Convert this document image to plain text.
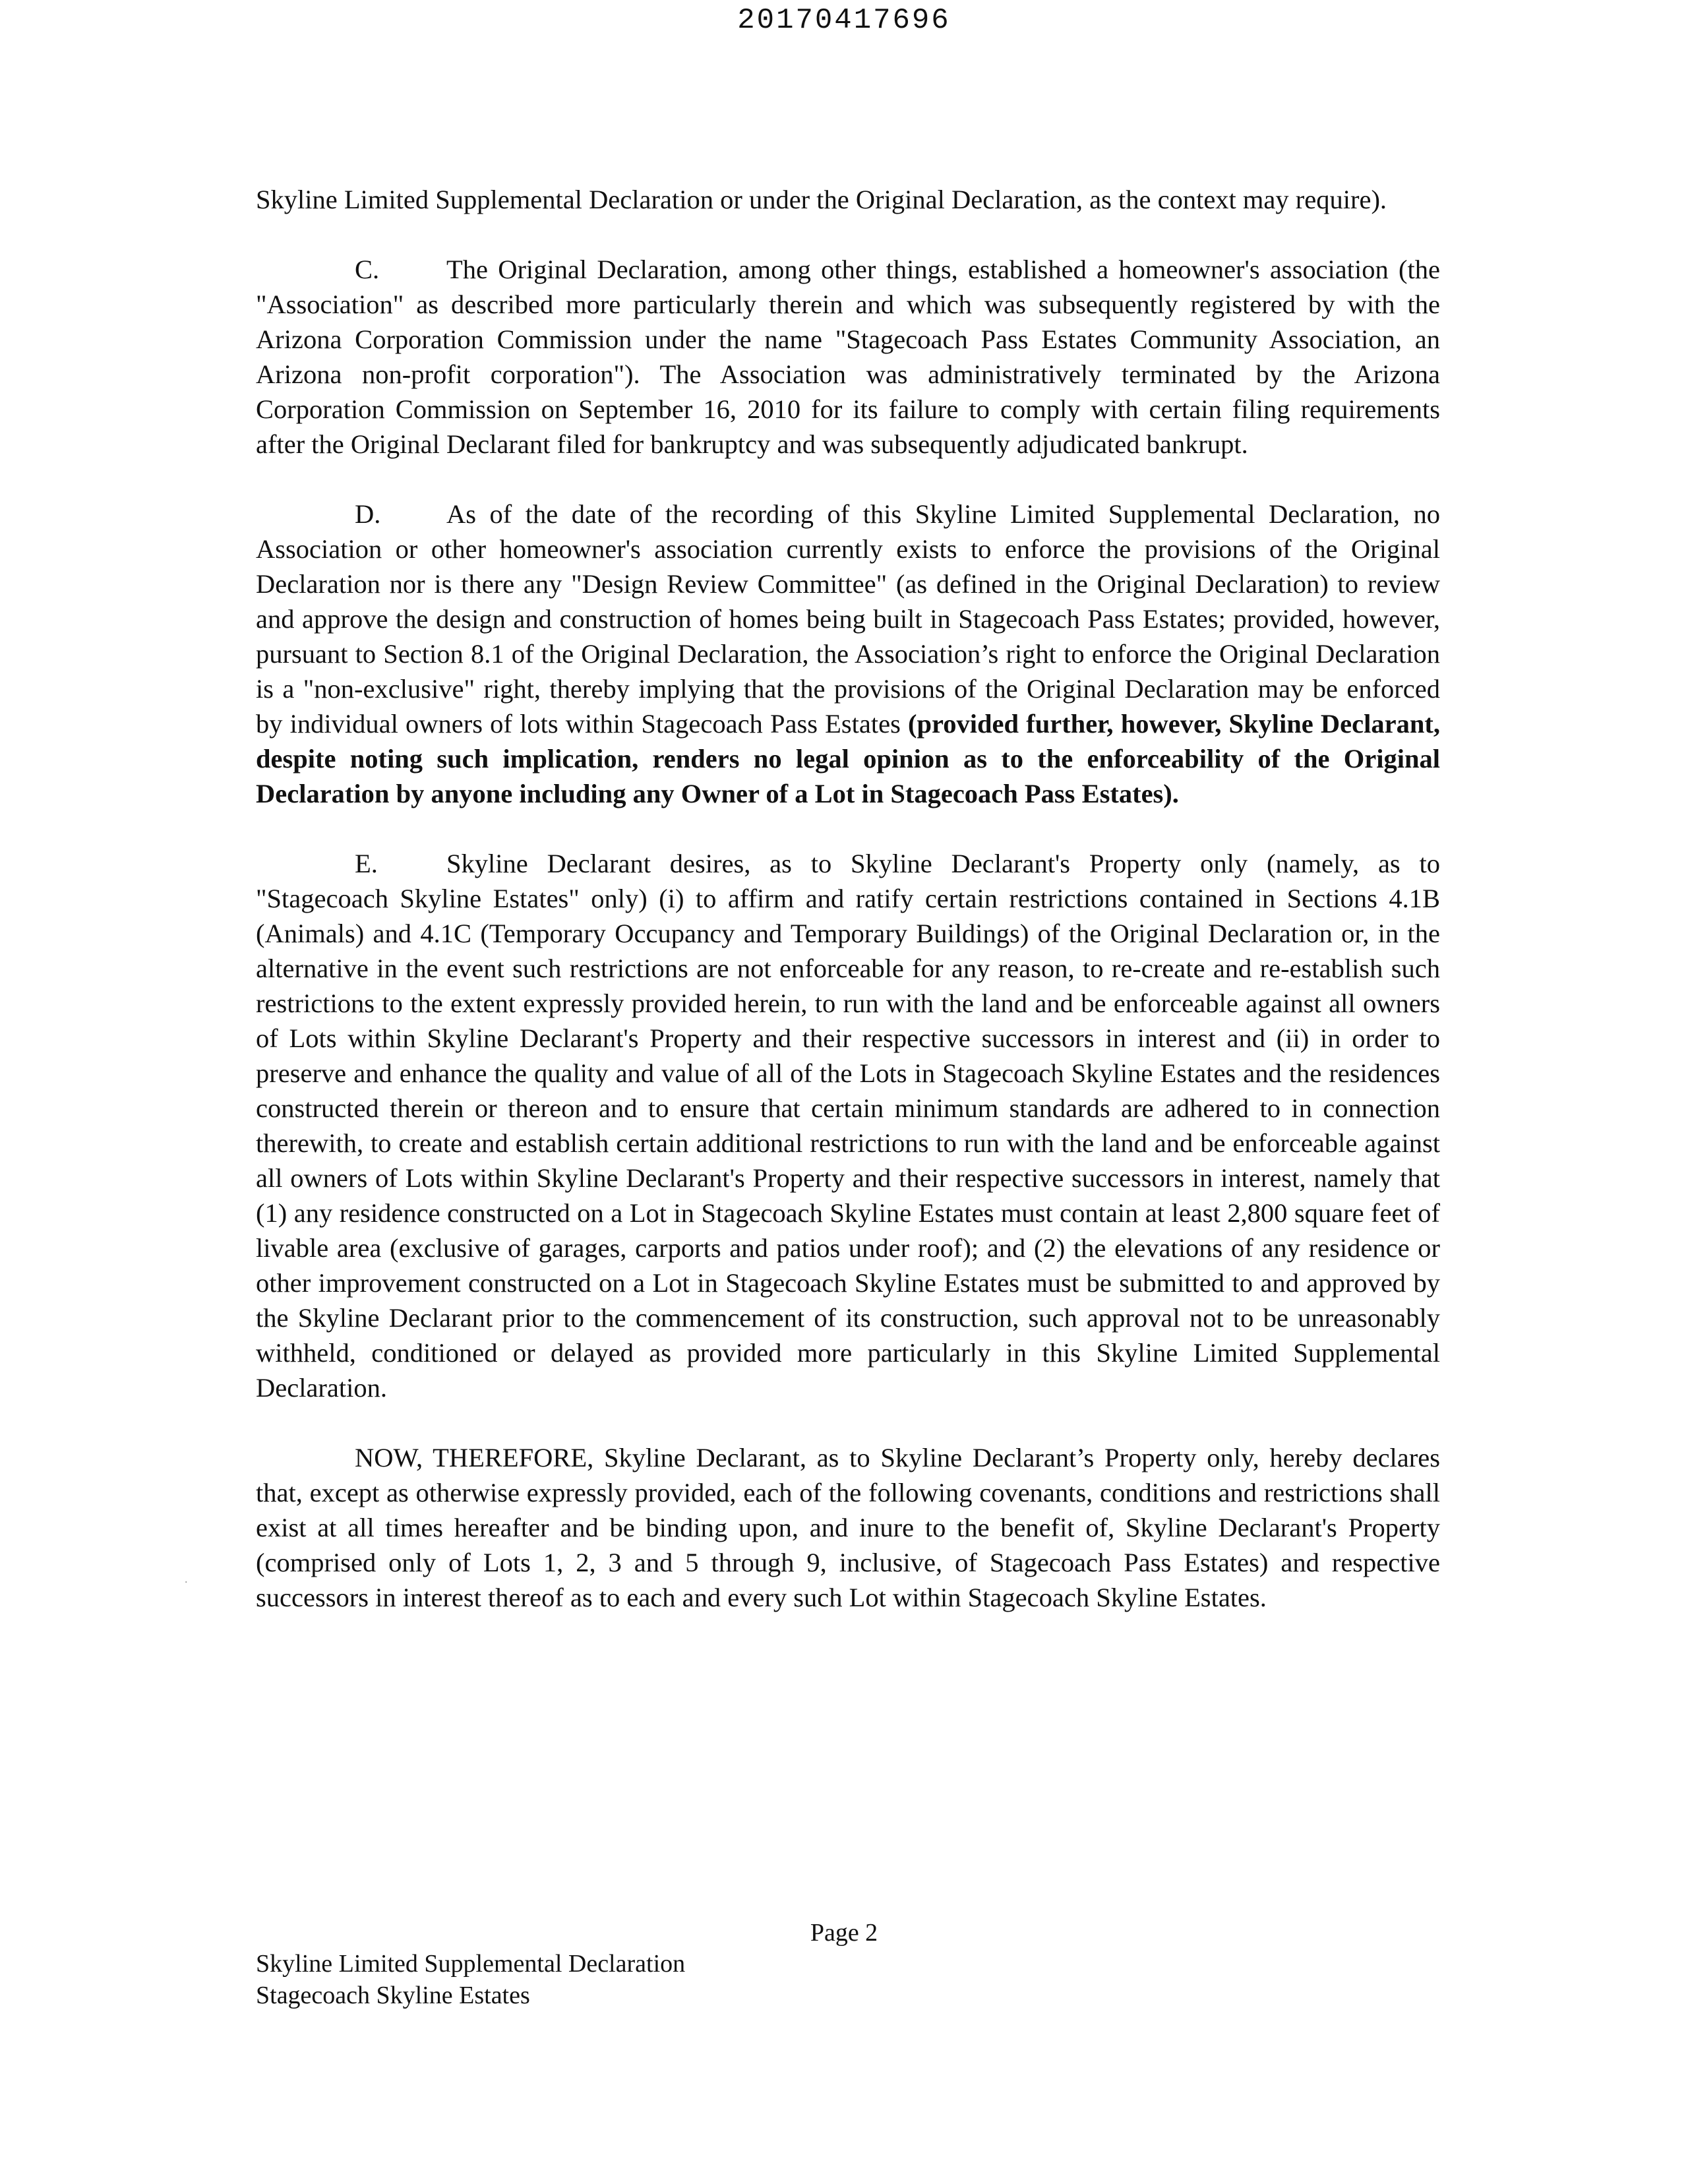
20170417696

Skyline Limited Supplemental Declaration or under the Original Declaration, as the context may require).

C.	The Original Declaration, among other things, established a homeowner's association (the "Association" as described more particularly therein and which was subsequently registered by with the Arizona Corporation Commission under the name "Stagecoach Pass Estates Community Association, an Arizona non-profit corporation"). The Association was administratively terminated by the Arizona Corporation Commission on September 16, 2010 for its failure to comply with certain filing requirements after the Original Declarant filed for bankruptcy and was subsequently adjudicated bankrupt.

D. As of the date of the recording of this Skyline Limited Supplemental Declaration, no Association or other homeowner's association currently exists to enforce the provisions of the Original Declaration nor is there any "Design Review Committee" (as defined in the Original Declaration) to review and approve the design and construction of homes being built in Stagecoach Pass Estates; provided, however, pursuant to Section 8.1 of the Original Declaration, the Association’s right to enforce the Original Declaration is a "non-exclusive" right, thereby implying that the provisions of the Original Declaration may be enforced by individual owners of lots within Stagecoach Pass Estates (provided further, however, Skyline Declarant, despite noting such implication, renders no legal opinion as to the enforceability of the Original Declaration by anyone including any Owner of a Lot in Stagecoach Pass Estates).

E.	Skyline Declarant desires, as to Skyline Declarant's Property only (namely, as to "Stagecoach Skyline Estates" only) (i) to affirm and ratify certain restrictions contained in Sections 4.1B (Animals) and 4.1C (Temporary Occupancy and Temporary Buildings) of the Original Declaration or, in the alternative in the event such restrictions are not enforceable for any reason, to re-create and re-establish such restrictions to the extent expressly provided herein, to run with the land and be enforceable against all owners of Lots within Skyline Declarant's Property and their respective successors in interest and (ii) in order to preserve and enhance the quality and value of all of the Lots in Stagecoach Skyline Estates and the residences constructed therein or thereon and to ensure that certain minimum standards are adhered to in connection therewith, to create and establish certain additional restrictions to run with the land and be enforceable against all owners of Lots within Skyline Declarant's Property and their respective successors in interest, namely that (1) any residence constructed on a Lot in Stagecoach Skyline Estates must contain at least 2,800 square feet of livable area (exclusive of garages, carports and patios under roof); and (2) the elevations of any residence or other improvement constructed on a Lot in Stagecoach Skyline Estates must be submitted to and approved by the Skyline Declarant prior to the commencement of its construction, such approval not to be unreasonably withheld, conditioned or delayed as provided more particularly in this Skyline Limited Supplemental Declaration.

NOW, THEREFORE, Skyline Declarant, as to Skyline Declarant’s Property only, hereby declares that, except as otherwise expressly provided, each of the following covenants, conditions and restrictions shall exist at all times hereafter and be binding upon, and inure to the benefit of, Skyline Declarant's Property (comprised only of Lots 1, 2, 3 and 5 through 9, inclusive, of Stagecoach Pass Estates) and respective successors in interest thereof as to each and every such Lot within Stagecoach Skyline Estates.

·
Page 2
Skyline Limited Supplemental Declaration
Stagecoach Skyline Estates
